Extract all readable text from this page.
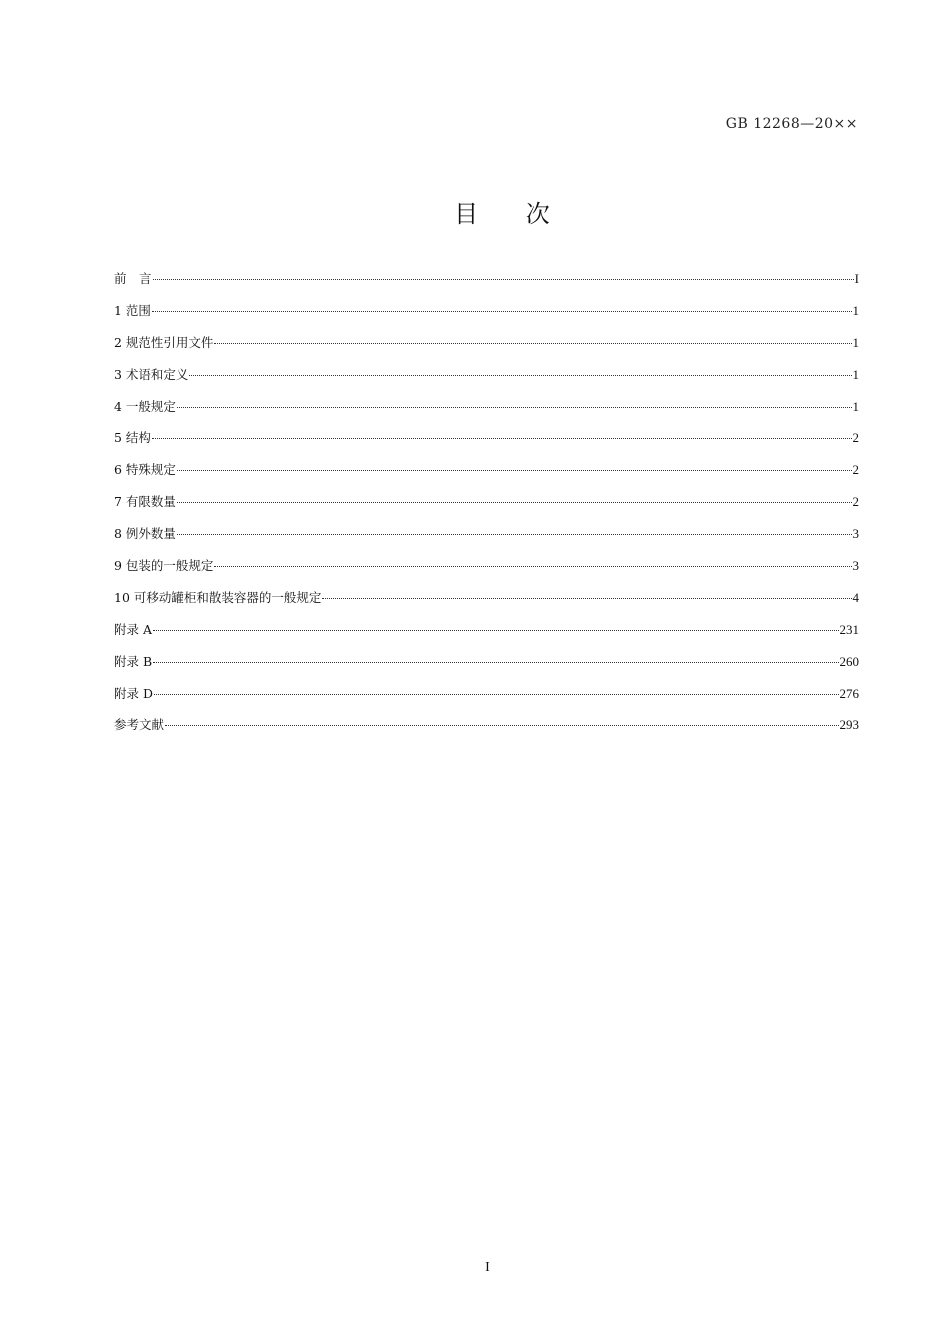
GB 12268—20××
目 次
前　言	I
1 范围	1
2 规范性引用文件	1
3 术语和定义	1
4 一般规定	1
5 结构	2
6 特殊规定	2
7 有限数量	2
8 例外数量	3
9 包装的一般规定	3
10 可移动罐柜和散装容器的一般规定	4
附录 A	231
附录 B	260
附录 D	276
参考文献	293
I
